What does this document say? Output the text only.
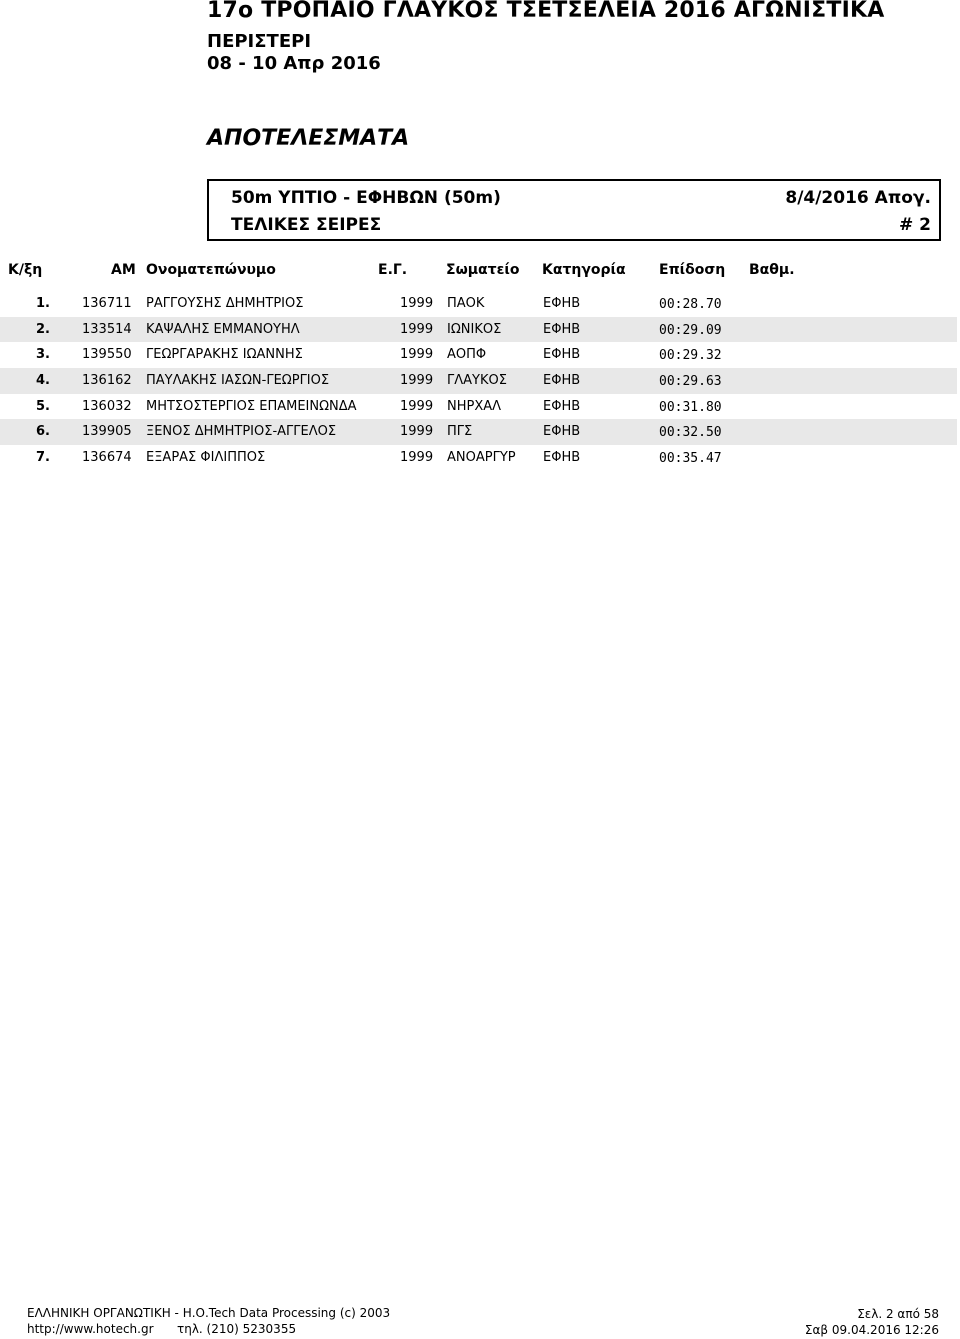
17ο ΤΡΟΠΑΙΟ ΓΛΑΥΚΟΣ ΤΣΕΤΣΕΛΕΙΑ 2016 ΑΓΩΝΙΣΤΙΚΑ
ΠΕΡΙΣΤΕΡΙ
08 - 10 Απρ 2016
ΑΠΟΤΕΛΕΣΜΑΤΑ
50m ΥΠΤΙΟ - ΕΦΗΒΩΝ (50m)	8/4/2016 Απογ.
ΤΕΛΙΚΕΣ ΣΕΙΡΕΣ	# 2
Κ/ξη	ΑΜ Ονοματεπώνυμο	Ε.Γ.	Σωματείο Κατηγορία Επίδοση Βαθμ.
1. 136711 ΡΑΓΓΟΥΣΗΣ ΔΗΜΗΤΡΙΟΣ	1999 ΠΑΟΚ	ΕΦΗΒ	00:28.70
2. 133514 ΚΑΨΑΛΗΣ ΕΜΜΑΝΟΥΗΛ	1999 ΙΩΝΙΚΟΣ	ΕΦΗΒ	00:29.09
3. 139550 ΓΕΩΡΓΑΡΑΚΗΣ ΙΩΑΝΝΗΣ	1999 ΑΟΠΦ	ΕΦΗΒ	00:29.32
4. 136162 ΠΑΥΛΑΚΗΣ ΙΑΣΩΝ-ΓΕΩΡΓΙΟΣ	1999 ΓΛΑΥΚΟΣ	ΕΦΗΒ	00:29.63
5. 136032 ΜΗΤΣΟΣΤΕΡΓΙΟΣ ΕΠΑΜΕΙΝΩΝΔΑ	1999 ΝΗΡΧΑΛ	ΕΦΗΒ	00:31.80
6. 139905 ΞΕΝΟΣ ΔΗΜΗΤΡΙΟΣ-ΑΓΓΕΛΟΣ	1999 ΠΓΣ	ΕΦΗΒ	00:32.50
7. 136674 ΕΞΑΡΑΣ ΦΙΛΙΠΠΟΣ	1999 ΑΝΟΑΡΓΥΡ ΕΦΗΒ	00:35.47
ΕΛΛΗΝΙΚΗ ΟΡΓΑΝΩΤΙΚΗ - Η.Ο.Tech Data Processing (c) 2003
http://www.hotech.gr τηλ. (210) 5230355
Σελ. 2 από 58
Σαβ 09.04.2016 12:26
